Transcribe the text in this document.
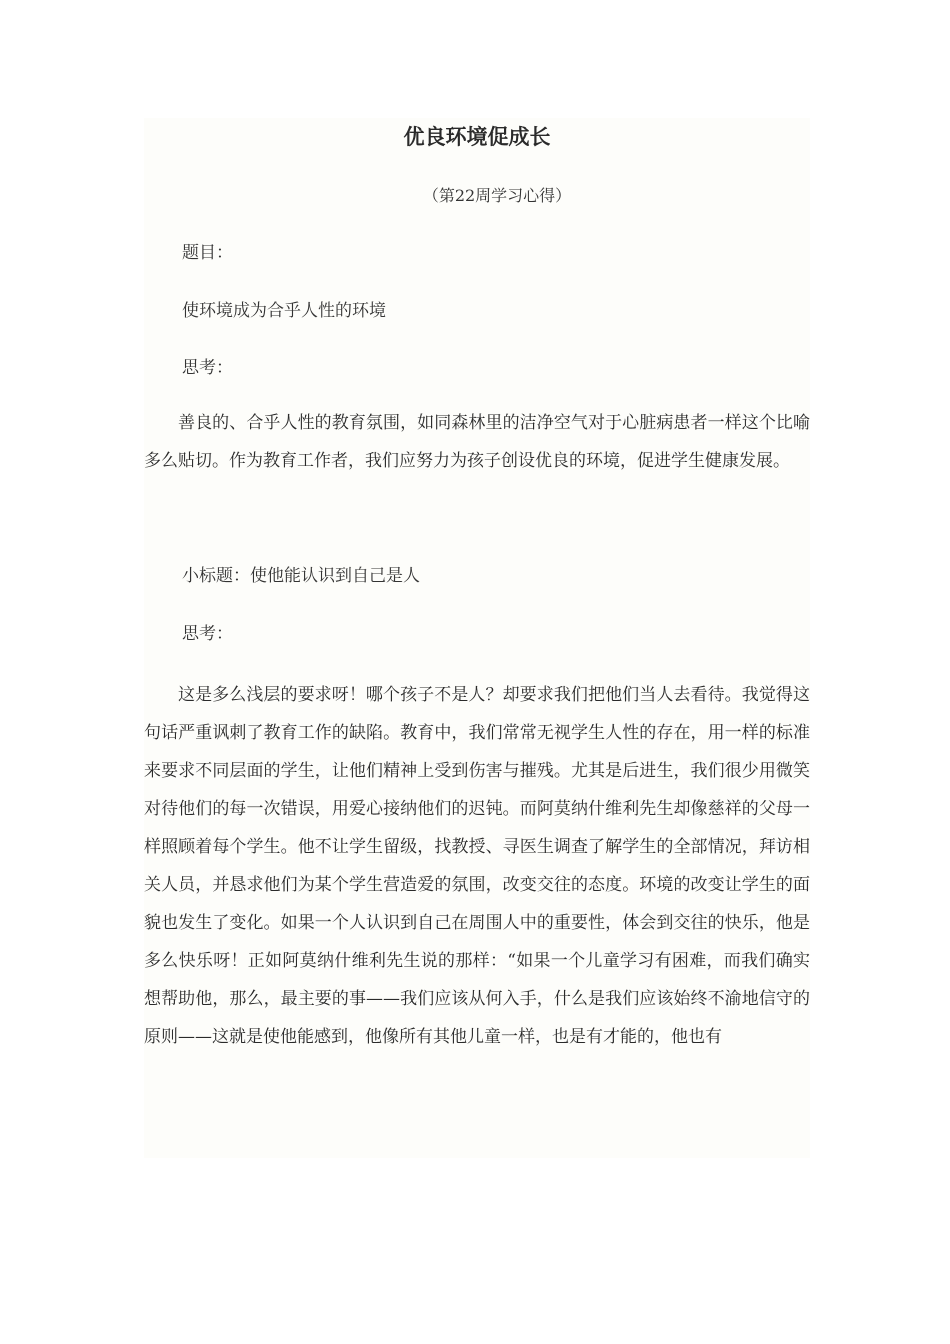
优良环境促成长
（第22周学习心得）

题目：

使环境成为合乎人性的环境

思考：

善良的、合乎人性的教育氛围，如同森林里的洁净空气对于心脏病患者一样这个比喻多么贴切。作为教育工作者，我们应努力为孩子创设优良的环境，促进学生健康发展。

小标题：使他能认识到自己是人

思考：

这是多么浅层的要求呀！哪个孩子不是人？却要求我们把他们当人去看待。我觉得这句话严重讽刺了教育工作的缺陷。教育中，我们常常无视学生人性的存在，用一样的标准来要求不同层面的学生，让他们精神上受到伤害与摧残。尤其是后进生，我们很少用微笑对待他们的每一次错误，用爱心接纳他们的迟钝。而阿莫纳什维利先生却像慈祥的父母一样照顾着每个学生。他不让学生留级，找教授、寻医生调查了解学生的全部情况，拜访相关人员，并恳求他们为某个学生营造爱的氛围，改变交往的态度。环境的改变让学生的面貌也发生了变化。如果一个人认识到自己在周围人中的重要性，体会到交往的快乐，他是多么快乐呀！正如阿莫纳什维利先生说的那样：“如果一个儿童学习有困难，而我们确实想帮助他，那么，最主要的事——我们应该从何入手，什么是我们应该始终不渝地信守的原则——这就是使他能感到，他像所有其他儿童一样，也是有才能的，他也有
